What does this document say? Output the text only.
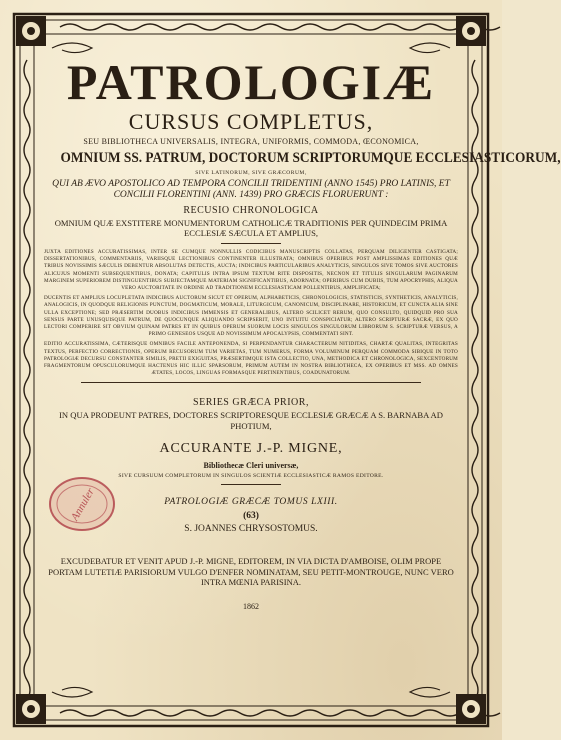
PATROLOGIÆ
CURSUS COMPLETUS,
SEU BIBLIOTHECA UNIVERSALIS, INTEGRA, UNIFORMIS, COMMODA, ŒCONOMICA,
OMNIUM SS. PATRUM, DOCTORUM SCRIPTORUMQUE ECCLESIASTICORUM,
SIVE LATINORUM, SIVE GRÆCORUM,
QUI AB ÆVO APOSTOLICO AD TEMPORA CONCILII TRIDENTINI (ANNO 1545) PRO LATINIS, ET CONCILII FLORENTINI (ANN. 1439) PRO GRÆCIS FLORUERUNT :
RECUSIO CHRONOLOGICA
OMNIUM QUÆ EXSTITERE MONUMENTORUM CATHOLICÆ TRADITIONIS PER QUINDECIM PRIMA ECCLESIÆ SÆCULA ET AMPLIUS,
JUXTA EDITIONES ACCURATISSIMAS, INTER SE CUMQUE NONNULLIS CODICIBUS MANUSCRIPTIS COLLATAS, PERQUAM DILIGENTER CASTIGATA; DISSERTATIONIBUS, COMMENTARIIS, VARIISQUE LECTIONIBUS CONTINENTER ILLUSTRATA; OMNIBUS OPERIBUS POST AMPLISSIMAS EDITIONES QUÆ TRIBUS NOVISSIMIS SÆCULIS DEBENTUR ABSOLUTAS DETECTIS, AUCTA; INDICIBUS PARTICULARIBUS ANALYTICIS, SINGULOS SIVE TOMOS SIVE AUCTORES ALICUJUS MOMENTI SUBSEQUENTIBUS, DONATA; CAPITULIS INTRA IPSUM TEXTUM RITE DISPOSITIS, NECNON ET TITULIS SINGULARUM PAGINARUM MARGINEM SUPERIOREM DISTINGUENTIBUS SUBJECTAMQUE MATERIAM SIGNIFICANTIBUS, ADORNATA; OPERIBUS CUM DUBIIS, TUM APOCRYPHIS, ALIQUA VERO AUCTORITATE IN ORDINE AD TRADITIONEM ECCLESIASTICAM POLLENTIBUS, AMPLIFICATA;
DUCENTIS ET AMPLIUS LOCUPLETATA INDICIBUS AUCTORUM SICUT ET OPERUM, ALPHABETICIS, CHRONOLOGICIS, STATISTICIS, SYNTHETICIS, ANALYTICIS, ANALOGICIS, IN QUODQUE RELIGIONIS PUNCTUM, DOGMATICUM, MORALE, LITURGICUM, CANONICUM, DISCIPLINARE, HISTORICUM, ET CUNCTA ALIA SINE ULLA EXCEPTIONE; SED PRÆSERTIM DUOBUS INDICIBUS IMMENSIS ET GENERALIBUS, ALTERO SCILICET RERUM, QUO CONSULTO, QUIDQUID PRO SUA SENSUS PARTE UNUSQUISQUE PATRUM, DE QUOCUNQUE ALIQUANDO SCRIPSERIT, UNO INTUITU CONSPICIATUR; ALTERO SCRIPTURÆ SACRÆ, EX QUO LECTORI COMPERIRE SIT OBVIUM QUINAM PATRES ET IN QUIBUS OPERUM SUORUM LOCIS SINGULOS SINGULORUM LIBRORUM S. SCRIPTURÆ VERSUS, A PRIMO GENESEOS USQUE AD NOVISSIMUM APOCALYPSIS, COMMENTATI SINT.
EDITIO ACCURATISSIMA, CÆTERISQUE OMNIBUS FACILE ANTEPONENDA, SI PERPENDANTUR CHARACTERUM NITIDITAS, CHARTÆ QUALITAS, INTEGRITAS TEXTUS, PERFECTIO CORRECTIONIS, OPERUM RECUSORUM TUM VARIETAS, TUM NUMERUS, FORMA VOLUMINUM PERQUAM COMMODA SIBIQUE IN TOTO PATROLOGIÆ DECURSU CONSTANTER SIMILIS, PRETII EXIGUITAS, PRÆSERTIMQUE ISTA COLLECTIO, UNA, METHODICA ET CHRONOLOGICA, SEXCENTORUM FRAGMENTORUM OPUSCULORUMQUE HACTENUS HIC ILLIC SPARSORUM, PRIMUM AUTEM IN NOSTRA BIBLIOTHECA, EX OPERIBUS ET MSS. AD OMNES ÆTATES, LOCOS, LINGUAS FORMASQUE PERTINENTIBUS, COADUNATORUM.
SERIES GRÆCA PRIOR,
IN QUA PRODEUNT PATRES, DOCTORES SCRIPTORESQUE ECCLESIÆ GRÆCÆ A S. BARNABA AD PHOTIUM,
ACCURANTE J.-P. MIGNE,
Bibliothecæ Cleri universæ,
SIVE CURSUUM COMPLETORUM IN SINGULOS SCIENTIÆ ECCLESIASTICÆ RAMOS EDITORE.
PATROLOGIÆ GRÆCÆ TOMUS LXIII.
(63)
S. JOANNES CHRYSOSTOMUS.
EXCUDEBATUR ET VENIT APUD J.-P. MIGNE, EDITOREM, IN VIA DICTA D'AMBOISE, OLIM PROPE PORTAM LUTETIÆ PARISIORUM VULGO D'ENFER NOMINATAM, SEU PETIT-MONTROUGE, NUNC VERO INTRA MŒNIA PARISINA.
1862
Annuler
